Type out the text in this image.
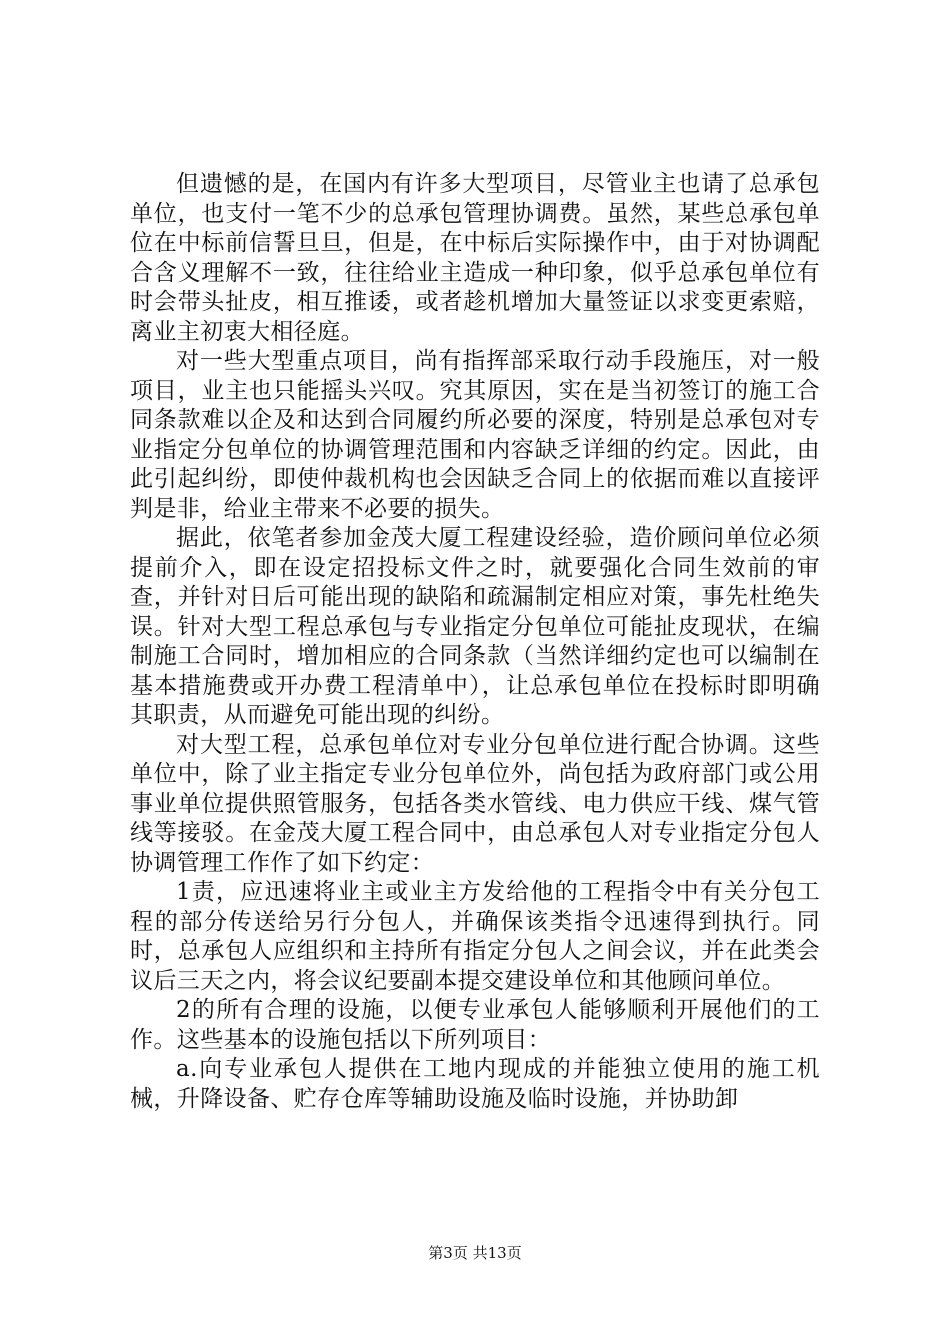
但遗憾的是，在国内有许多大型项目，尽管业主也请了总承包单位，也支付一笔不少的总承包管理协调费。虽然，某些总承包单位在中标前信誓旦旦，但是，在中标后实际操作中，由于对协调配合含义理解不一致，往往给业主造成一种印象，似乎总承包单位有时会带头扯皮，相互推诿，或者趁机增加大量签证以求变更索赔，离业主初衷大相径庭。

对一些大型重点项目，尚有指挥部采取行动手段施压，对一般项目，业主也只能摇头兴叹。究其原因，实在是当初签订的施工合同条款难以企及和达到合同履约所必要的深度，特别是总承包对专业指定分包单位的协调管理范围和内容缺乏详细的约定。因此，由此引起纠纷，即使仲裁机构也会因缺乏合同上的依据而难以直接评判是非，给业主带来不必要的损失。

据此，依笔者参加金茂大厦工程建设经验，造价顾问单位必须提前介入，即在设定招投标文件之时，就要强化合同生效前的审查，并针对日后可能出现的缺陷和疏漏制定相应对策，事先杜绝失误。针对大型工程总承包与专业指定分包单位可能扯皮现状，在编制施工合同时，增加相应的合同条款（当然详细约定也可以编制在基本措施费或开办费工程清单中），让总承包单位在投标时即明确其职责，从而避免可能出现的纠纷。

对大型工程，总承包单位对专业分包单位进行配合协调。这些单位中，除了业主指定专业分包单位外，尚包括为政府部门或公用事业单位提供照管服务，包括各类水管线、电力供应干线、煤气管线等接驳。在金茂大厦工程合同中，由总承包人对专业指定分包人协调管理工作作了如下约定：

1责，应迅速将业主或业主方发给他的工程指令中有关分包工程的部分传送给另行分包人，并确保该类指令迅速得到执行。同时，总承包人应组织和主持所有指定分包人之间会议，并在此类会议后三天之内，将会议纪要副本提交建设单位和其他顾问单位。

2的所有合理的设施，以便专业承包人能够顺利开展他们的工作。这些基本的设施包括以下所列项目：

a.向专业承包人提供在工地内现成的并能独立使用的施工机械，升降设备、贮存仓库等辅助设施及临时设施，并协助卸

第3页 共13页
